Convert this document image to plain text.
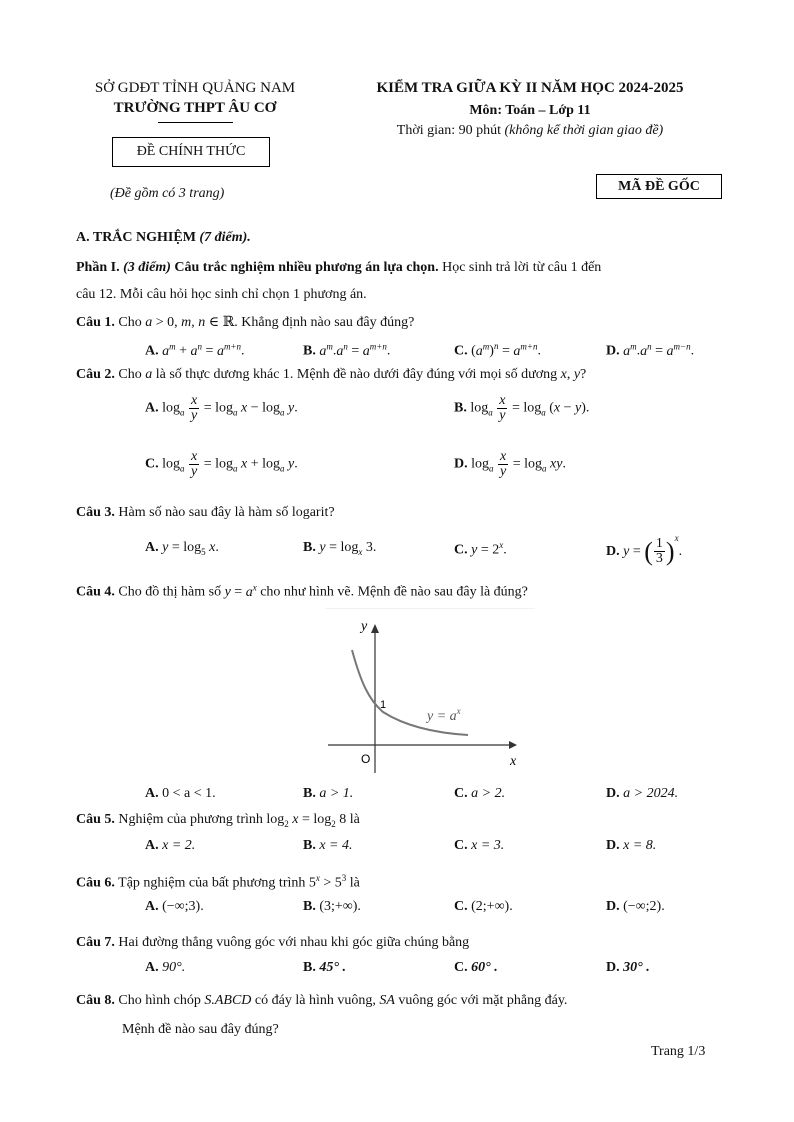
SỞ GDĐT TỈNH QUẢNG NAM
TRƯỜNG THPT ÂU CƠ
ĐỀ CHÍNH THỨC
(Đề gồm có 3 trang)
KIỂM TRA GIỮA KỲ II NĂM HỌC 2024-2025
Môn: Toán – Lớp 11
Thời gian: 90 phút (không kể thời gian giao đề)
MÃ ĐỀ GỐC
A. TRẮC NGHIỆM (7 điểm).
Phần I. (3 điểm) Câu trắc nghiệm nhiều phương án lựa chọn. Học sinh trả lời từ câu 1 đến
câu 12. Mỗi câu hỏi học sinh chỉ chọn 1 phương án.
Câu 1. Cho a > 0, m, n ∈ ℝ. Khẳng định nào sau đây đúng?
A. $a^m + a^n = a^{m+n}$.	B. $a^m.a^n = a^{m+n}$.	C. $(a^m)^n = a^{m+n}$.	D. $a^m.a^n = a^{m-n}$.
Câu 2. Cho a là số thực dương khác 1. Mệnh đề nào dưới đây đúng với mọi số dương x, y?
A. $\log_a \frac{x}{y} = \log_a x - \log_a y$.	B. $\log_a \frac{x}{y} = \log_a (x - y)$.
C. $\log_a \frac{x}{y} = \log_a x + \log_a y$.	D. $\log_a \frac{x}{y} = \log_a$ xy.
Câu 3. Hàm số nào sau đây là hàm số logarit?
A. $y = \log_5 x$.	B. $y = \log_x 3$.	C. $y = 2^x$.	D. y = ( $\frac{1}{3} )^x$.
Câu 4. Cho đồ thị hàm số $y = a^x$ cho như hình vẽ. Mệnh đề nào sau đây là đúng?
y
x
O
1
$y = a^x$
A. 0 < a < 1.	B. a > 1.	C. a > 2.	D. a > 2024.
Câu 5. Nghiệm của phương trình $\log_2 x = \log_2 8$ là
A. x = 2.	B. x = 4.	C. x = 3.	D. x = 8.
Câu 6. Tập nghiệm của bất phương trình $5^x > 5^3$ là
A. (−∞;3).	B. (3;+∞).	C. (2;+∞).	D. (−∞;2).
Câu 7. Hai đường thẳng vuông góc với nhau khi góc giữa chúng bằng
A. 90°.	B. 45° .	C. 60° .	D. 30° .
Câu 8. Cho hình chóp S.ABCD có đáy là hình vuông, SA vuông góc với mặt phẳng đáy.
Mệnh đề nào sau đây đúng?
Trang 1/3
